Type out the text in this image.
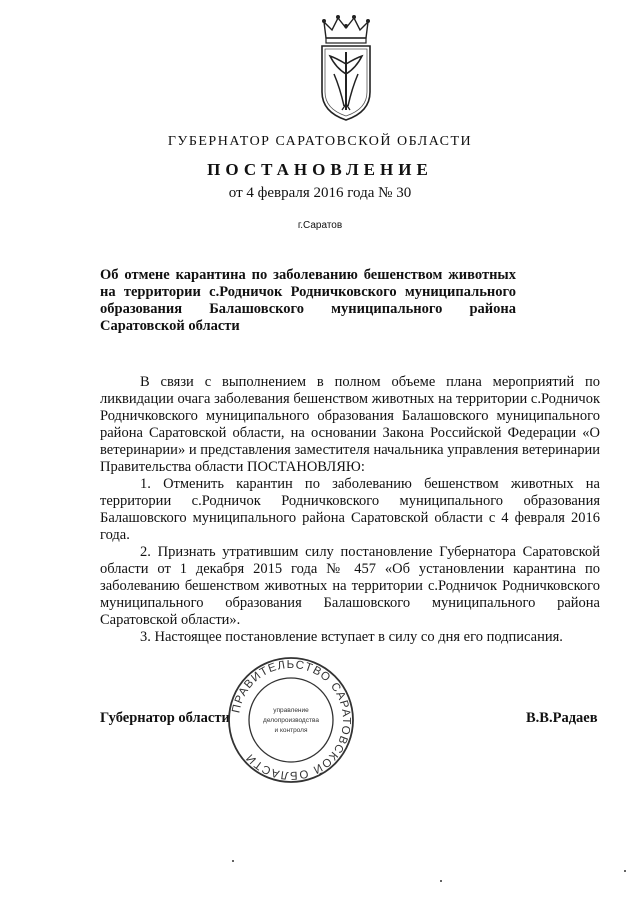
ГУБЕРНАТОР САРАТОВСКОЙ ОБЛАСТИ
ПОСТАНОВЛЕНИЕ
от 4 февраля 2016 года № 30
г.Саратов
Об отмене карантина по заболеванию бешенством животных на территории с.Родничок Родничковского муниципального образования Балашовского муниципального района Саратовской области

В связи с выполнением в полном объеме плана мероприятий по ликвидации очага заболевания бешенством животных на территории с.Родничок Родничковского муниципального образования Балашовского муниципального района Саратовской области, на основании Закона Российской Федерации «О ветеринарии» и представления заместителя начальника управления ветеринарии Правительства области ПОСТАНОВЛЯЮ:

1. Отменить карантин по заболеванию бешенством животных на территории с.Родничок Родничковского муниципального образования Балашовского муниципального района Саратовской области с 4 февраля 2016 года.

2. Признать утратившим силу постановление Губернатора Саратовской области от 1 декабря 2015 года № 457 «Об установлении карантина по заболеванию бешенством животных на территории с.Родничок Родничковского муниципального образования Балашовского муниципального района Саратовской области».

3. Настоящее постановление вступает в силу со дня его подписания.

Губернатор области
ПРАВИТЕЛЬСТВО САРАТОВСКОЙ ОБЛАСТИ
управление
делопроизводства
и контроля
В.В.Радаев
